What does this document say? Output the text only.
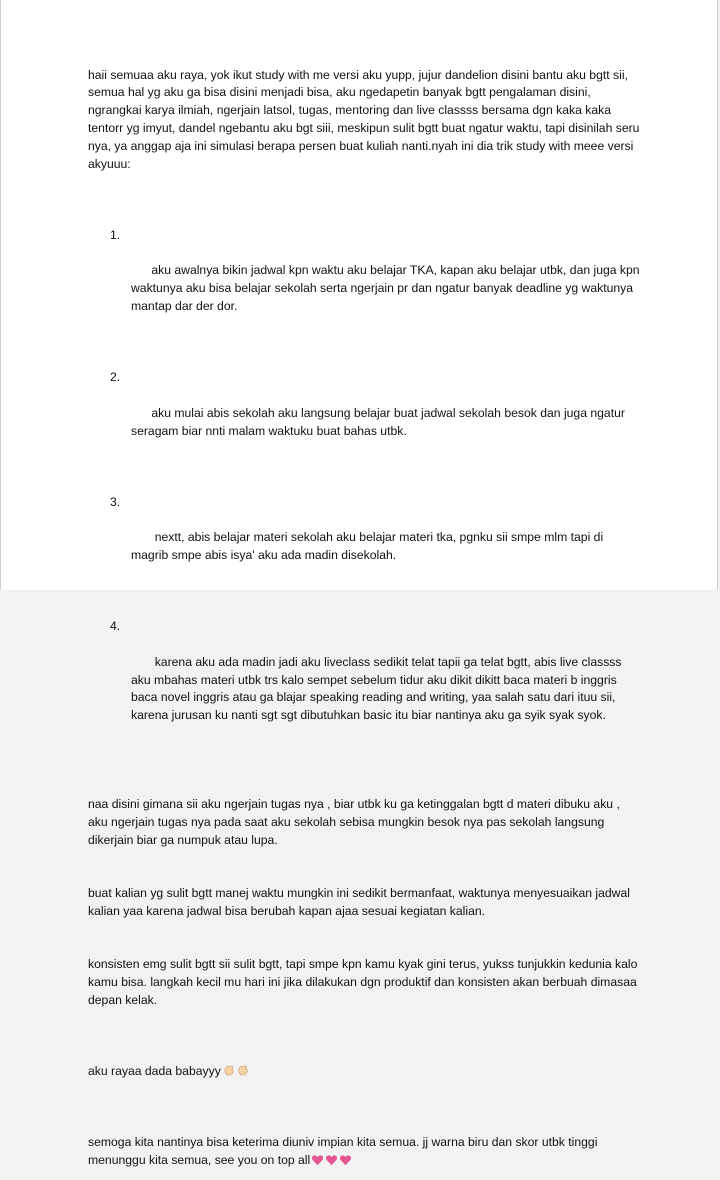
haii semuaa aku raya, yok ikut study with me versi aku yupp, jujur dandelion disini bantu aku bgtt sii, semua hal yg aku ga bisa disini menjadi bisa, aku ngedapetin banyak bgtt pengalaman disini, ngrangkai karya ilmiah, ngerjain latsol, tugas, mentoring dan live classss bersama dgn kaka kaka tentorr yg imyut, dandel ngebantu aku bgt siii, meskipun sulit bgtt buat ngatur waktu, tapi disinilah seru nya, ya anggap aja ini simulasi berapa persen buat kuliah nanti.nyah ini dia trik study with meee versi akyuuu:

1.

aku awalnya bikin jadwal kpn waktu aku belajar TKA, kapan aku belajar utbk, dan juga kpn waktunya aku bisa belajar sekolah serta ngerjain pr dan ngatur banyak deadline yg waktunya mantap dar der dor.

2.

aku mulai abis sekolah aku langsung belajar buat jadwal sekolah besok dan juga ngatur seragam biar nnti malam waktuku buat bahas utbk.

3.

nextt, abis belajar materi sekolah aku belajar materi tka, pgnku sii smpe mlm tapi di magrib smpe abis isya' aku ada madin disekolah.

4.

karena aku ada madin jadi aku liveclass sedikit telat tapii ga telat bgtt, abis live classss aku mbahas materi utbk trs kalo sempet sebelum tidur aku dikit dikitt baca materi b inggris baca novel inggris atau ga blajar speaking reading and writing, yaa salah satu dari ituu sii, karena jurusan ku nanti sgt sgt dibutuhkan basic itu biar nantinya aku ga syik syak syok.

naa disini gimana sii aku ngerjain tugas nya , biar utbk ku ga ketinggalan bgtt d materi dibuku aku , aku ngerjain tugas nya pada saat aku sekolah sebisa mungkin besok nya pas sekolah langsung dikerjain biar ga numpuk atau lupa.

buat kalian yg sulit bgtt manej waktu mungkin ini sedikit bermanfaat, waktunya menyesuaikan jadwal kalian yaa karena jadwal bisa berubah kapan ajaa sesuai kegiatan kalian.

konsisten emg sulit bgtt sii sulit bgtt, tapi smpe kpn kamu kyak gini terus, yukss tunjukkin kedunia kalo kamu bisa. langkah kecil mu hari ini jika dilakukan dgn produktif dan konsisten akan berbuah dimasaa depan kelak.

aku rayaa dada babayyy

semoga kita nantinya bisa keterima diuniv impian kita semua. jj warna biru dan skor utbk tinggi menunggu kita semua, see you on top all
